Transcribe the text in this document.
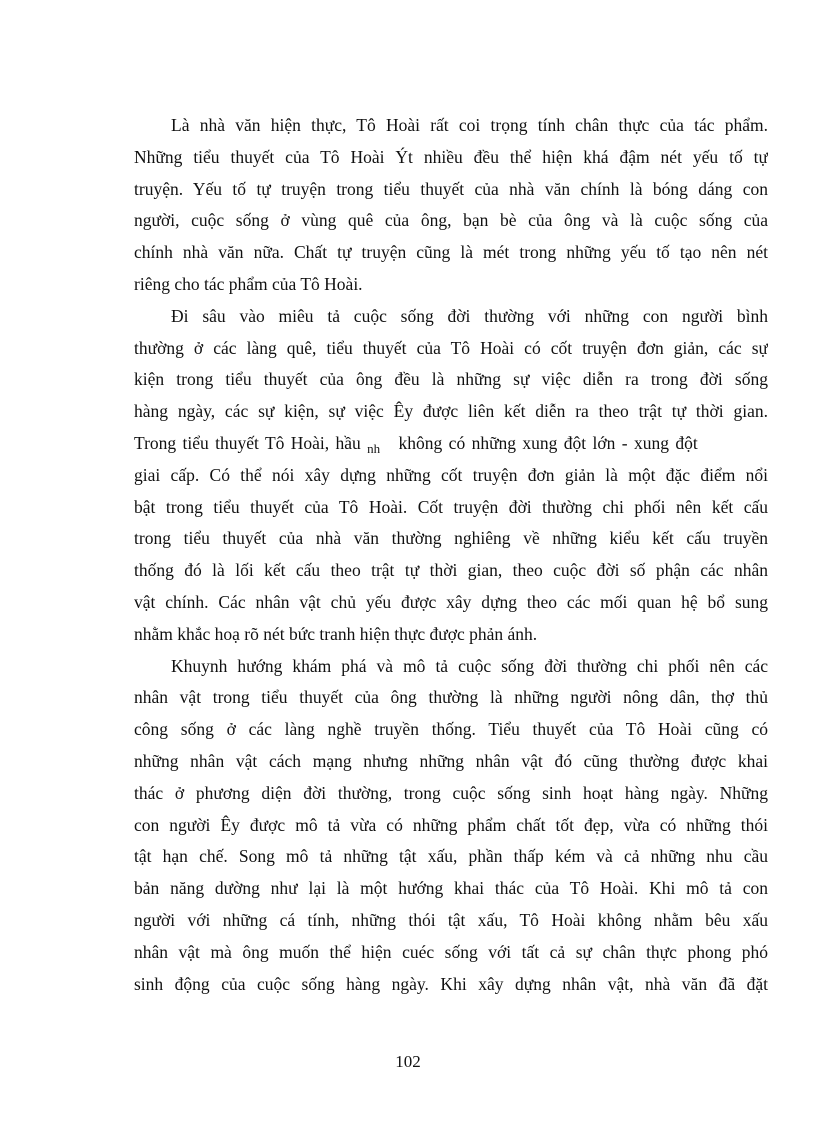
Là nhà văn hiện thực, Tô Hoài rất coi trọng tính chân thực của tác phẩm.
Những tiểu thuyết của Tô Hoài Ýt nhiều đều thể hiện khá đậm nét yếu tố tự
truyện. Yếu tố tự truyện trong tiểu thuyết của nhà văn chính là bóng dáng con
người, cuộc sống ở vùng quê của ông, bạn bè của ông và là cuộc sống của
chính nhà văn nữa. Chất tự truyện cũng là mét trong những yếu tố tạo nên nét
riêng cho tác phẩm của Tô Hoài.
Đi sâu vào miêu tả cuộc sống đời thường với những con người bình
thường ở các làng quê, tiểu thuyết của Tô Hoài có cốt truyện đơn giản, các sự
kiện trong tiểu thuyết của ông đều là những sự việc diễn ra trong đời sống
hàng ngày, các sự kiện, sự việc Êy được liên kết diễn ra theo trật tự thời gian.
Trong tiểu thuyết Tô Hoài, hầu $_{nh}$ không có những xung đột lớn - xung đột
giai cấp. Có thể nói xây dựng những cốt truyện đơn giản là một đặc điểm nổi
bật trong tiểu thuyết của Tô Hoài. Cốt truyện đời thường chi phối nên kết cấu
trong tiểu thuyết của nhà văn thường nghiêng về những kiểu kết cấu truyền
thống đó là lối kết cấu theo trật tự thời gian, theo cuộc đời số phận các nhân
vật chính. Các nhân vật chủ yếu được xây dựng theo các mối quan hệ bổ sung
nhằm khắc hoạ rõ nét bức tranh hiện thực được phản ánh.
Khuynh hướng khám phá và mô tả cuộc sống đời thường chi phối nên các
nhân vật trong tiểu thuyết của ông thường là những người nông dân, thợ thủ
công sống ở các làng nghề truyền thống. Tiểu thuyết của Tô Hoài cũng có
những nhân vật cách mạng nhưng những nhân vật đó cũng thường được khai
thác ở phương diện đời thường, trong cuộc sống sinh hoạt hàng ngày. Những
con người Êy được mô tả vừa có những phẩm chất tốt đẹp, vừa có những thói
tật hạn chế. Song mô tả những tật xấu, phần thấp kém và cả những nhu cầu
bản năng dường như lại là một hướng khai thác của Tô Hoài. Khi mô tả con
người với những cá tính, những thói tật xấu, Tô Hoài không nhằm bêu xấu
nhân vật mà ông muốn thể hiện cuéc sống với tất cả sự chân thực phong phó
sinh động của cuộc sống hàng ngày. Khi xây dựng nhân vật, nhà văn đã đặt
102
